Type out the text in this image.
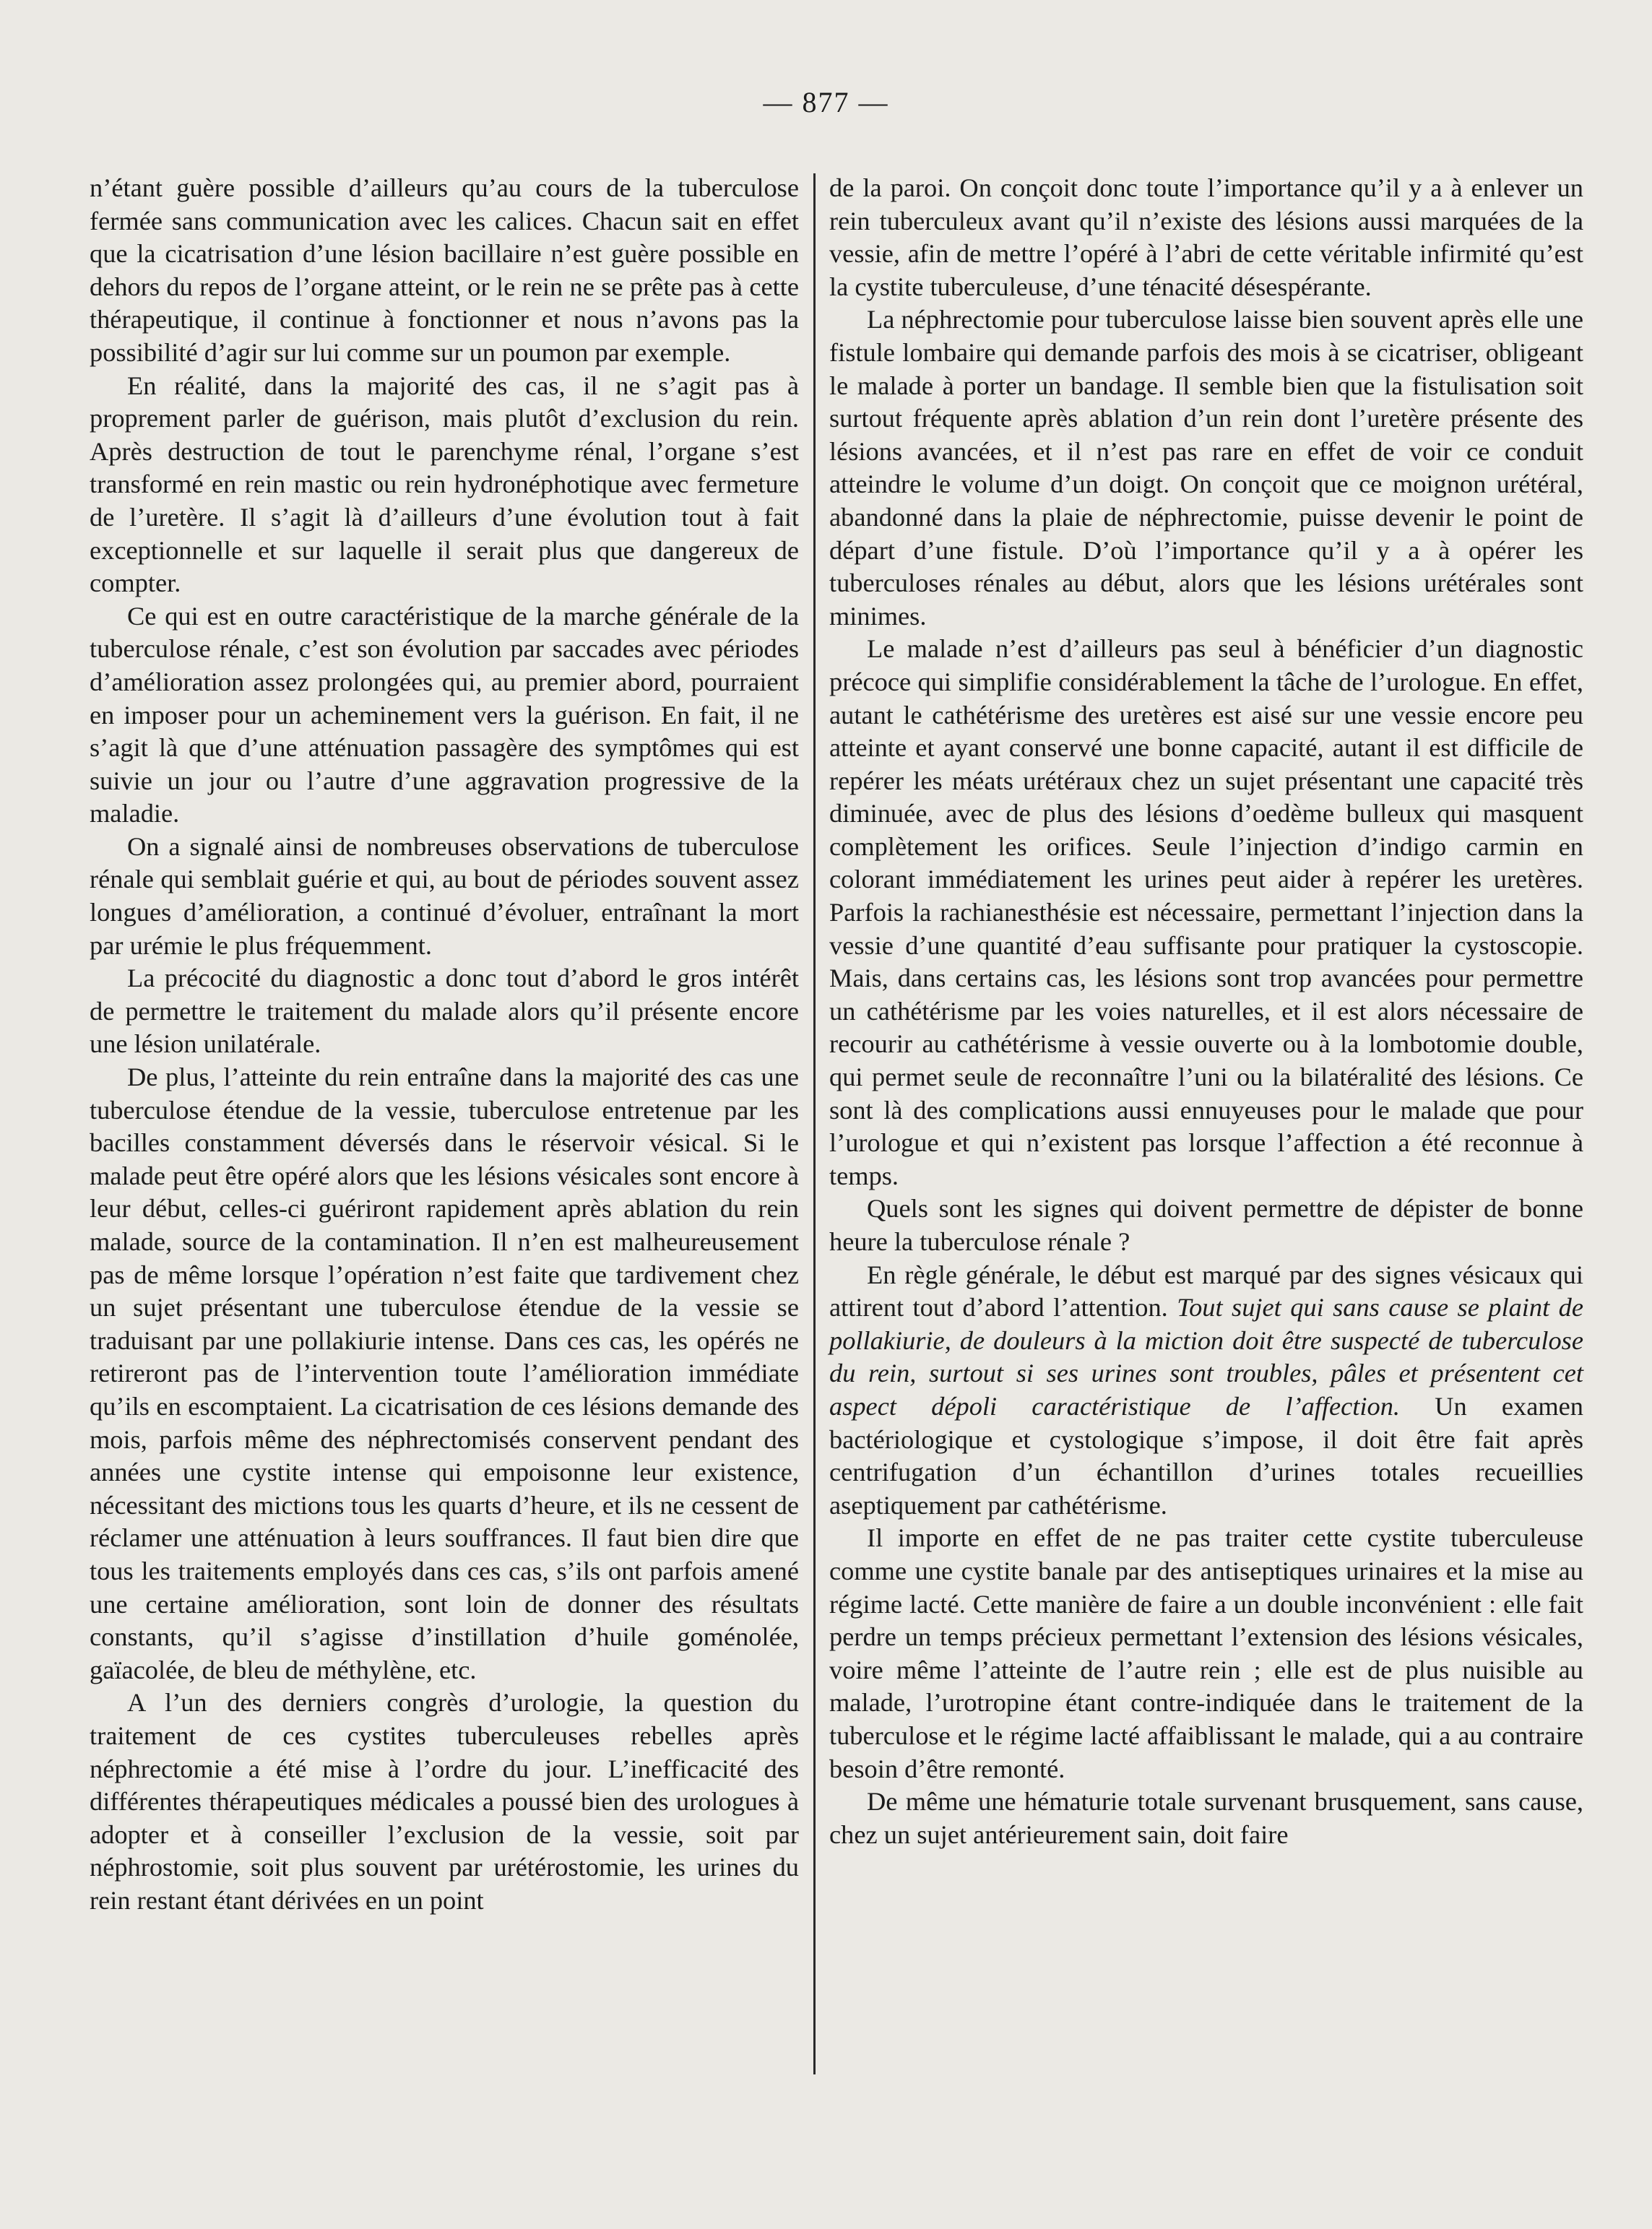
— 877 —

n’étant guère possible d’ailleurs qu’au cours de la tuberculose fermée sans communication avec les calices. Chacun sait en effet que la cicatrisation d’une lésion bacillaire n’est guère possible en dehors du repos de l’organe atteint, or le rein ne se prête pas à cette thérapeutique, il continue à fonctionner et nous n’avons pas la possibilité d’agir sur lui comme sur un poumon par exemple.

En réalité, dans la majorité des cas, il ne s’agit pas à proprement parler de guérison, mais plutôt d’exclusion du rein. Après destruction de tout le parenchyme rénal, l’organe s’est transformé en rein mastic ou rein hydronéphotique avec fermeture de l’uretère. Il s’agit là d’ailleurs d’une évolution tout à fait exceptionnelle et sur laquelle il serait plus que dangereux de compter.

Ce qui est en outre caractéristique de la marche générale de la tuberculose rénale, c’est son évolution par saccades avec périodes d’amélioration assez prolongées qui, au premier abord, pourraient en imposer pour un acheminement vers la guérison. En fait, il ne s’agit là que d’une atténuation passagère des symptômes qui est suivie un jour ou l’autre d’une aggravation progressive de la maladie.

On a signalé ainsi de nombreuses observations de tuberculose rénale qui semblait guérie et qui, au bout de périodes souvent assez longues d’amélioration, a continué d’évoluer, entraînant la mort par urémie le plus fréquemment.

La précocité du diagnostic a donc tout d’abord le gros intérêt de permettre le traitement du malade alors qu’il présente encore une lésion unilatérale.

De plus, l’atteinte du rein entraîne dans la majorité des cas une tuberculose étendue de la vessie, tuberculose entretenue par les bacilles constamment déversés dans le réservoir vésical. Si le malade peut être opéré alors que les lésions vésicales sont encore à leur début, celles-ci guériront rapidement après ablation du rein malade, source de la contamination. Il n’en est malheureusement pas de même lorsque l’opération n’est faite que tardivement chez un sujet présentant une tuberculose étendue de la vessie se traduisant par une pollakiurie intense. Dans ces cas, les opérés ne retireront pas de l’intervention toute l’amélioration immédiate qu’ils en escomptaient. La cicatrisation de ces lésions demande des mois, parfois même des néphrectomisés conservent pendant des années une cystite intense qui empoisonne leur existence, nécessitant des mictions tous les quarts d’heure, et ils ne cessent de réclamer une atténuation à leurs souffrances. Il faut bien dire que tous les traitements employés dans ces cas, s’ils ont parfois amené une certaine amélioration, sont loin de donner des résultats constants, qu’il s’agisse d’instillation d’huile goménolée, gaïacolée, de bleu de méthylène, etc.

A l’un des derniers congrès d’urologie, la question du traitement de ces cystites tuberculeuses rebelles après néphrectomie a été mise à l’ordre du jour. L’inefficacité des différentes thérapeutiques médicales a poussé bien des urologues à adopter et à conseiller l’exclusion de la vessie, soit par néphrostomie, soit plus souvent par urétérostomie, les urines du rein restant étant dérivées en un point

de la paroi. On conçoit donc toute l’importance qu’il y a à enlever un rein tuberculeux avant qu’il n’existe des lésions aussi marquées de la vessie, afin de mettre l’opéré à l’abri de cette véritable infirmité qu’est la cystite tuberculeuse, d’une ténacité désespérante.

La néphrectomie pour tuberculose laisse bien souvent après elle une fistule lombaire qui demande parfois des mois à se cicatriser, obligeant le malade à porter un bandage. Il semble bien que la fistulisation soit surtout fréquente après ablation d’un rein dont l’uretère présente des lésions avancées, et il n’est pas rare en effet de voir ce conduit atteindre le volume d’un doigt. On conçoit que ce moignon urétéral, abandonné dans la plaie de néphrectomie, puisse devenir le point de départ d’une fistule. D’où l’importance qu’il y a à opérer les tuberculoses rénales au début, alors que les lésions urétérales sont minimes.

Le malade n’est d’ailleurs pas seul à bénéficier d’un diagnostic précoce qui simplifie considérablement la tâche de l’urologue. En effet, autant le cathétérisme des uretères est aisé sur une vessie encore peu atteinte et ayant conservé une bonne capacité, autant il est difficile de repérer les méats urétéraux chez un sujet présentant une capacité très diminuée, avec de plus des lésions d’oedème bulleux qui masquent complètement les orifices. Seule l’injection d’indigo carmin en colorant immédiatement les urines peut aider à repérer les uretères. Parfois la rachianesthésie est nécessaire, permettant l’injection dans la vessie d’une quantité d’eau suffisante pour pratiquer la cystoscopie. Mais, dans certains cas, les lésions sont trop avancées pour permettre un cathétérisme par les voies naturelles, et il est alors nécessaire de recourir au cathétérisme à vessie ouverte ou à la lombotomie double, qui permet seule de reconnaître l’uni ou la bilatéralité des lésions. Ce sont là des complications aussi ennuyeuses pour le malade que pour l’urologue et qui n’existent pas lorsque l’affection a été reconnue à temps.

Quels sont les signes qui doivent permettre de dépister de bonne heure la tuberculose rénale ?

En règle générale, le début est marqué par des signes vésicaux qui attirent tout d’abord l’attention. Tout sujet qui sans cause se plaint de pollakiurie, de douleurs à la miction doit être suspecté de tuberculose du rein, surtout si ses urines sont troubles, pâles et présentent cet aspect dépoli caractéristique de l’affection. Un examen bactériologique et cystologique s’impose, il doit être fait après centrifugation d’un échantillon d’urines totales recueillies aseptiquement par cathétérisme.

Il importe en effet de ne pas traiter cette cystite tuberculeuse comme une cystite banale par des antiseptiques urinaires et la mise au régime lacté. Cette manière de faire a un double inconvénient : elle fait perdre un temps précieux permettant l’extension des lésions vésicales, voire même l’atteinte de l’autre rein ; elle est de plus nuisible au malade, l’urotropine étant contre-indiquée dans le traitement de la tuberculose et le régime lacté affaiblissant le malade, qui a au contraire besoin d’être remonté.

De même une hématurie totale survenant brusquement, sans cause, chez un sujet antérieurement sain, doit faire
